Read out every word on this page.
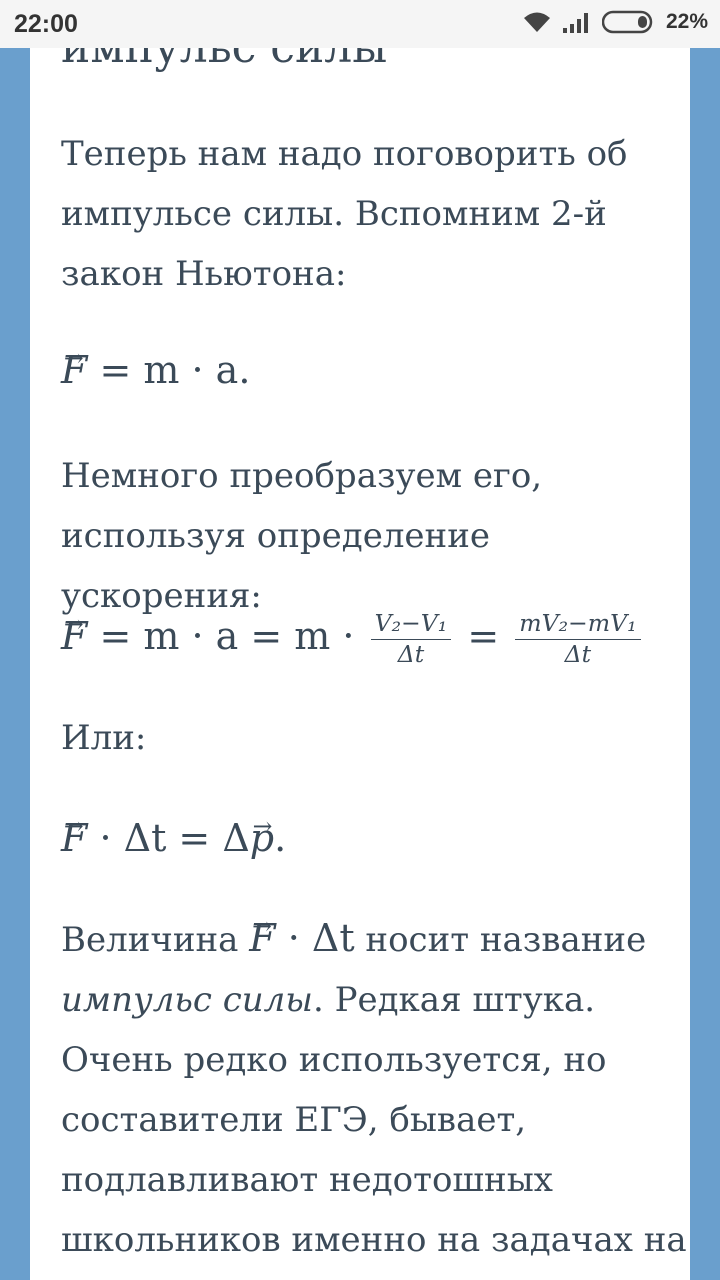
22:00	22%

Теперь нам надо поговорить об импульсе силы. Вспомним 2-й закон Ньютона:

→ F = m · a.

Немного преобразуем его, используя определение ускорения:

→ $F = m \cdot a = m \cdot \frac{\text{V₂−V₁}}{\Delta t} = \frac{\text{mV₂−mV₁}}{\Delta t}$

Или:

→ F · Δt = Δ→ p.

Величина → F · Δt носит название импульс силы. Редкая штука. Очень редко используется, но составители ЕГЭ, бывает, подлавливают недотошных школьников именно на задачах на
